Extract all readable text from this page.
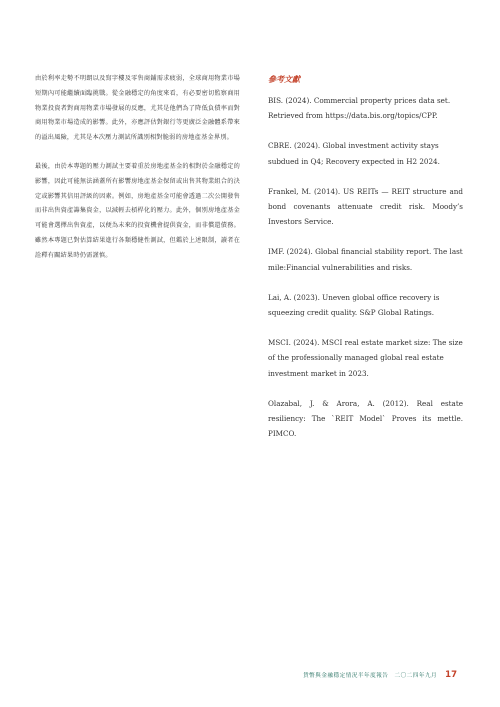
由於利率走勢不明朗以及寫字樓及零售商鋪需求疲弱，全球商用物業市場短期內可能繼續面臨挑戰。從金融穩定的角度來看，有必要密切監察商用物業投資者對商用物業市場發展的反應，尤其是他們為了降低負債率而對商用物業市場造成的影響。此外，亦應評估對銀行等更廣泛金融體系帶來的溢出風險，尤其是本次壓力測試所識別相對脆弱的房地產基金界別。

最後，由於本專題的壓力測試主要着重於房地產基金的相對於金融穩定的影響，因此可能無法涵蓋所有影響房地產基金保留或出售其物業組合的決定或影響其信用評級的因素。例如，房地產基金可能會透過二次公開發售而非出售資產籌集資金，以減輕去槓桿化的壓力。此外，個別房地產基金可能會選擇出售資產，以便為未來的投資機會提供資金，而非償還債務。雖然本專題已對估算結果進行各類穩健性測試，但鑑於上述限制，讀者在詮釋有關結果時仍需謹慎。

參考文獻

BIS. (2024). Commercial property prices data set. Retrieved from https://data.bis.org/topics/CPP.

CBRE. (2024). Global investment activity stays subdued in Q4; Recovery expected in H2 2024.

Frankel, M. (2014). US REITs — REIT structure and bond covenants attenuate credit risk. Moody’s Investors Service.

IMF. (2024). Global financial stability report. The last mile:Financial vulnerabilities and risks.

Lai, A. (2023). Uneven global office recovery is squeezing credit quality. S&P Global Ratings.

MSCI. (2024). MSCI real estate market size: The size of the professionally managed global real estate investment market in 2023.

Olazabal, J. & Arora, A. (2012). Real estate resiliency: The `REIT Model` Proves its mettle. PIMCO.

貨幣與金融穩定情況半年度報告　二〇二四年九月 17
